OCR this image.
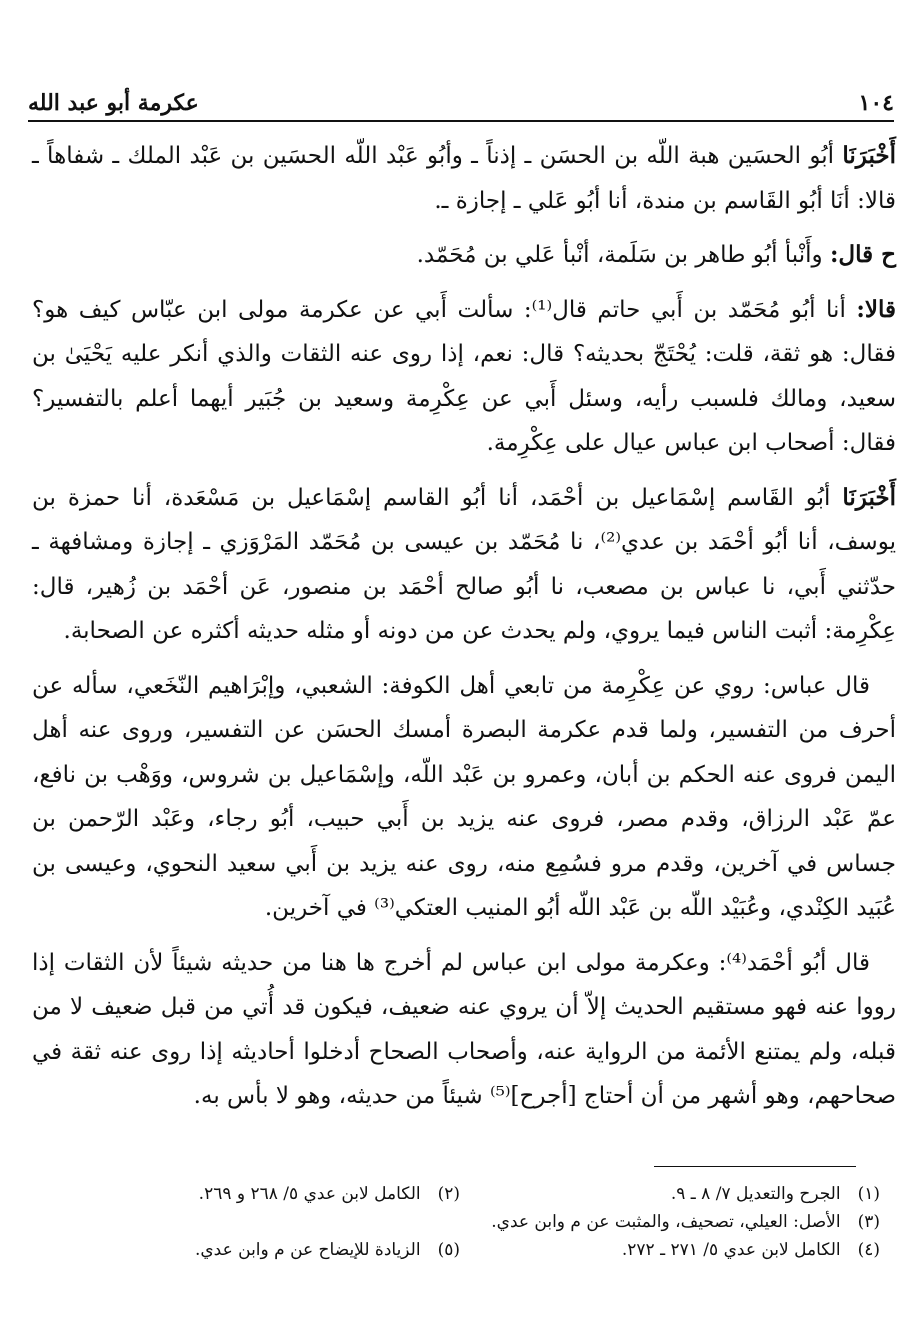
عكرمة أبو عبد الله	١٠٤

أَخْبَرَنَا أبُو الحسَين هبة اللّه بن الحسَن ـ إذناً ـ وأبُو عَبْد اللّه الحسَين بن عَبْد الملك ـ شفاهاً ـ قالا: أنَا أبُو القَاسم بن مندة، أنا أبُو عَلي ـ إجازة ـ.

ح قال: وأَنْبأ أبُو طاهر بن سَلَمة، أنْبأ عَلي بن مُحَمّد.

قالا: أنا أبُو مُحَمّد بن أَبي حاتم قال⁽¹⁾: سألت أَبي عن عكرمة مولى ابن عبّاس كيف هو؟ فقال: هو ثقة، قلت: يُحْتَجّ بحديثه؟ قال: نعم، إذا روى عنه الثقات والذي أنكر عليه يَحْيَىٰ بن سعيد، ومالك فلسبب رأيه، وسئل أَبي عن عِكْرِمة وسعيد بن جُبَير أيهما أعلم بالتفسير؟ فقال: أصحاب ابن عباس عيال على عِكْرِمة.

أَخْبَرَنَا أبُو القَاسم إسْمَاعيل بن أحْمَد، أنا أبُو القاسم إسْمَاعيل بن مَسْعَدة، أنا حمزة بن يوسف، أنا أبُو أحْمَد بن عدي⁽²⁾، نا مُحَمّد بن عيسى بن مُحَمّد المَرْوَزي ـ إجازة ومشافهة ـ حدّثني أَبي، نا عباس بن مصعب، نا أبُو صالح أحْمَد بن منصور، عَن أحْمَد بن زُهير، قال: عِكْرِمة: أثبت الناس فيما يروي، ولم يحدث عن من دونه أو مثله حديثه أكثره عن الصحابة.

قال عباس: روي عن عِكْرِمة من تابعي أهل الكوفة: الشعبي، وإبْرَاهيم النّخَعي، سأله عن أحرف من التفسير، ولما قدم عكرمة البصرة أمسك الحسَن عن التفسير، وروى عنه أهل اليمن فروى عنه الحكم بن أبان، وعمرو بن عَبْد اللّه، وإسْمَاعيل بن شروس، ووَهْب بن نافع، عمّ عَبْد الرزاق، وقدم مصر، فروى عنه يزيد بن أَبي حبيب، أبُو رجاء، وعَبْد الرّحمن بن جساس في آخرين، وقدم مرو فسُمِع منه، روى عنه يزيد بن أَبي سعيد النحوي، وعيسى بن عُبَيد الكِنْدي، وعُبَيْد اللّه بن عَبْد اللّه أبُو المنيب العتكي⁽³⁾ في آخرين.

قال أبُو أحْمَد⁽⁴⁾: وعكرمة مولى ابن عباس لم أخرج ها هنا من حديثه شيئاً لأن الثقات إذا رووا عنه فهو مستقيم الحديث إلاّ أن يروي عنه ضعيف، فيكون قد أُتي من قبل ضعيف لا من قبله، ولم يمتنع الأئمة من الرواية عنه، وأصحاب الصحاح أدخلوا أحاديثه إذا روى عنه ثقة في صحاحهم، وهو أشهر من أن أحتاج [أجرح]⁽⁵⁾ شيئاً من حديثه، وهو لا بأس به.

(١) الجرح والتعديل ٧/ ٨ ـ ٩.
(٢) الكامل لابن عدي ٥/ ٢٦٨ و ٢٦٩.
(٣) الأصل: العيلي، تصحيف، والمثبت عن م وابن عدي.
(٤) الكامل لابن عدي ٥/ ٢٧١ ـ ٢٧٢.
(٥) الزيادة للإيضاح عن م وابن عدي.
